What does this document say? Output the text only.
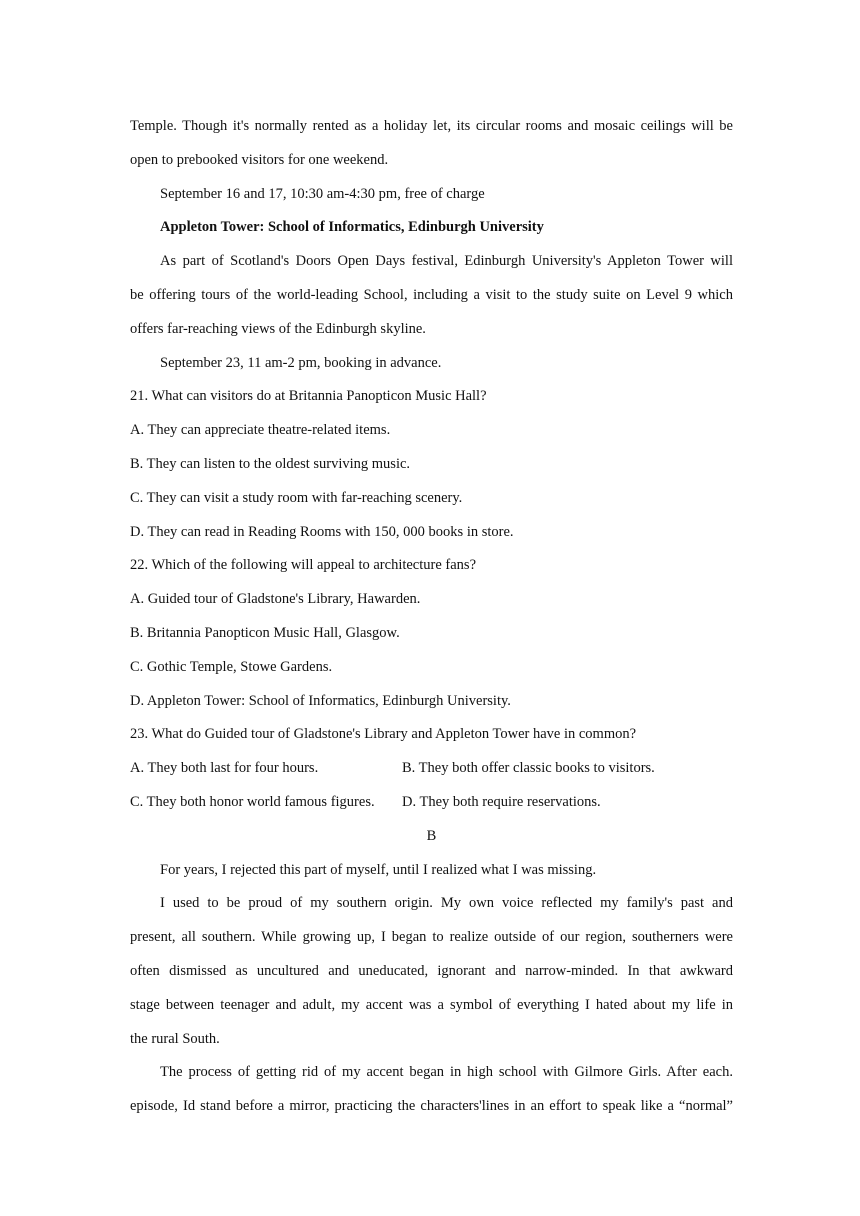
Temple. Though it's normally rented as a holiday let, its circular rooms and mosaic ceilings will be
open to prebooked visitors for one weekend.
September 16 and 17, 10:30 am-4:30 pm, free of charge
Appleton Tower: School of Informatics, Edinburgh University
As part of Scotland's Doors Open Days festival, Edinburgh University's Appleton Tower will
be offering tours of the world-leading School, including a visit to the study suite on Level 9 which
offers far-reaching views of the Edinburgh skyline.
September 23, 11 am-2 pm, booking in advance.
21. What can visitors do at Britannia Panopticon Music Hall?
A. They can appreciate theatre-related items.
B. They can listen to the oldest surviving music.
C. They can visit a study room with far-reaching scenery.
D. They can read in Reading Rooms with 150, 000 books in store.
22. Which of the following will appeal to architecture fans?
A. Guided tour of Gladstone's Library, Hawarden.
B. Britannia Panopticon Music Hall, Glasgow.
C. Gothic Temple, Stowe Gardens.
D. Appleton Tower: School of Informatics, Edinburgh University.
23. What do Guided tour of Gladstone's Library and Appleton Tower have in common?
A. They both last for four hours.	B. They both offer classic books to visitors.
C. They both honor world famous figures.	D. They both require reservations.
B
For years, I rejected this part of myself, until I realized what I was missing.
I used to be proud of my southern origin. My own voice reflected my family's past and
present, all southern. While growing up, I began to realize outside of our region, southerners were
often dismissed as uncultured and uneducated, ignorant and narrow-minded. In that awkward
stage between teenager and adult, my accent was a symbol of everything I hated about my life in
the rural South.
The process of getting rid of my accent began in high school with Gilmore Girls. After each.
episode, Id stand before a mirror, practicing the characters'lines in an effort to speak like a “normal”
